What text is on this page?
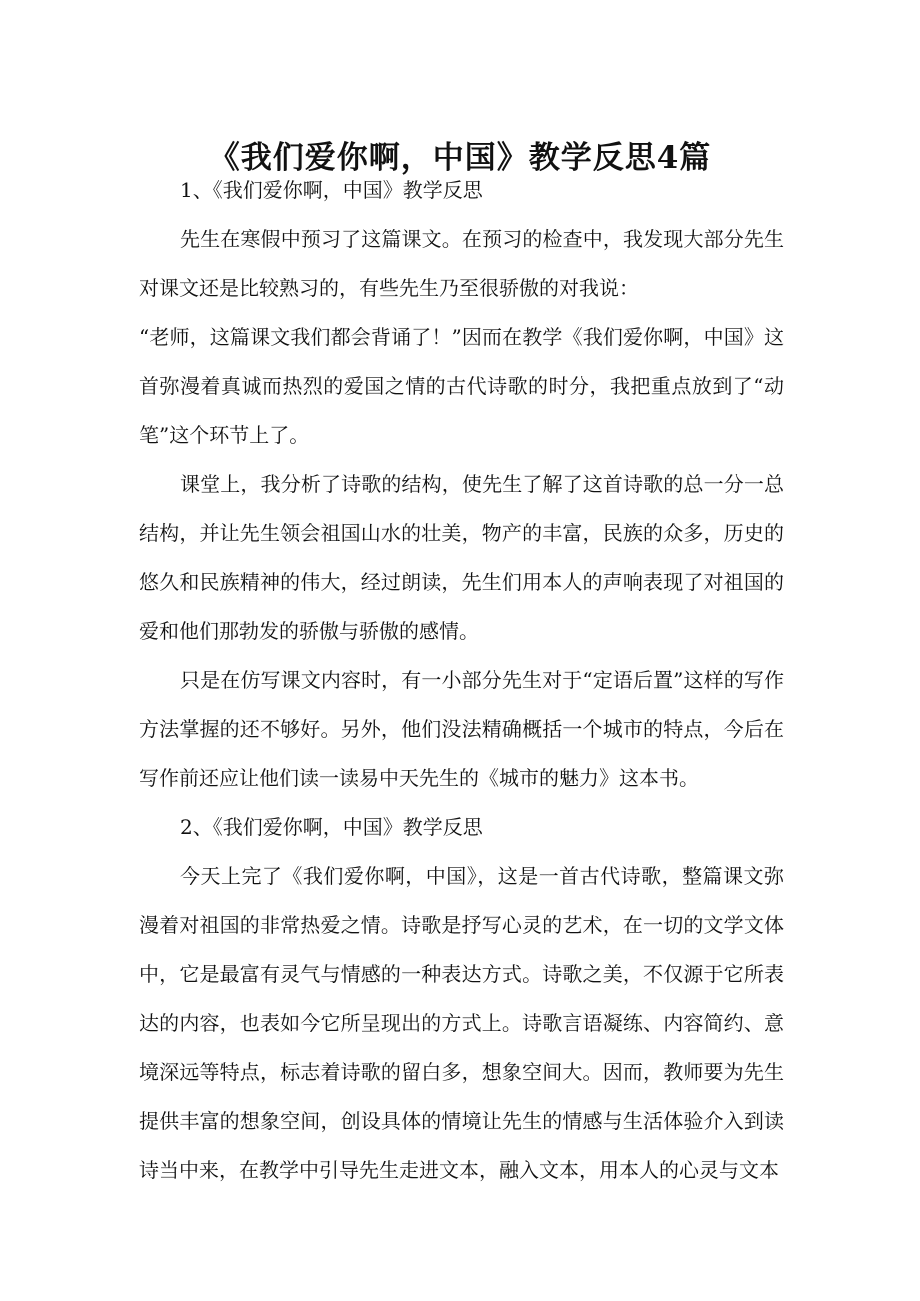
《我们爱你啊，中国》教学反思4篇

1、《我们爱你啊，中国》教学反思

先生在寒假中预习了这篇课文。在预习的检查中，我发现大部分先生对课文还是比较熟习的，有些先生乃至很骄傲的对我说：

“老师，这篇课文我们都会背诵了！”因而在教学《我们爱你啊，中国》这首弥漫着真诚而热烈的爱国之情的古代诗歌的时分，我把重点放到了“动笔”这个环节上了。

课堂上，我分析了诗歌的结构，使先生了解了这首诗歌的总一分一总结构，并让先生领会祖国山水的壮美，物产的丰富，民族的众多，历史的悠久和民族精神的伟大，经过朗读，先生们用本人的声响表现了对祖国的爱和他们那勃发的骄傲与骄傲的感情。

只是在仿写课文内容时，有一小部分先生对于“定语后置”这样的写作方法掌握的还不够好。另外，他们没法精确概括一个城市的特点，今后在写作前还应让他们读一读易中天先生的《城市的魅力》这本书。

2、《我们爱你啊，中国》教学反思

今天上完了《我们爱你啊，中国》，这是一首古代诗歌，整篇课文弥漫着对祖国的非常热爱之情。诗歌是抒写心灵的艺术，在一切的文学文体中，它是最富有灵气与情感的一种表达方式。诗歌之美，不仅源于它所表达的内容，也表如今它所呈现出的方式上。诗歌言语凝练、内容简约、意境深远等特点，标志着诗歌的留白多，想象空间大。因而，教师要为先生提供丰富的想象空间，创设具体的情境让先生的情感与生活体验介入到读诗当中来，在教学中引导先生走进文本，融入文本，用本人的心灵与文本
